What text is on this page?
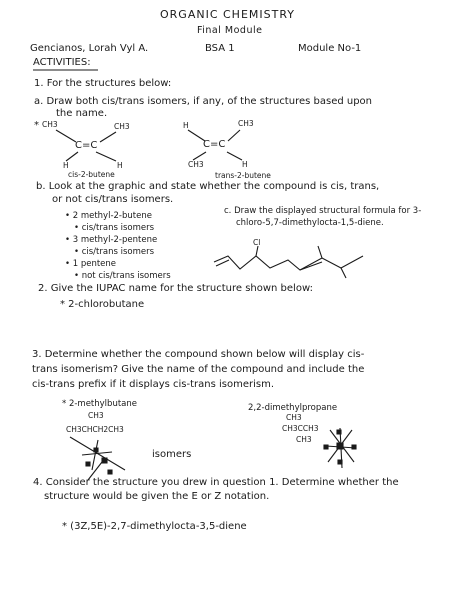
ORGANIC CHEMISTRY
Final Module
Gencianos, Lorah Vyl A.	BSA 1	Module No-1
ACTIVITIES:
1. For the structures below:
a. Draw both cis/trans isomers, if any, of the structures based upon
the name.
* CH3	CH3
C=C
H	H
cis-2-butene
H	CH3
C=C
CH3	H
trans-2-butene
b. Look at the graphic and state whether the compound is cis, trans,
or not cis/trans isomers.
• 2 methyl-2-butene
• cis/trans isomers
• 3 methyl-2-pentene
• cis/trans isomers
• 1 pentene
• not cis/trans isomers
c. Draw the displayed structural formula for 3-
chloro-5,7-dimethylocta-1,5-diene.
Cl
2. Give the IUPAC name for the structure shown below:
* 2-chlorobutane
3. Determine whether the compound shown below will display cis-
trans isomerism? Give the name of the compound and include the
cis-trans prefix if it displays cis-trans isomerism.
* 2-methylbutane
CH3
CH3CHCH2CH3
isomers
2,2-dimethylpropane
CH3
CH3CCH3
CH3
4. Consider the structure you drew in question 1. Determine whether the
structure would be given the E or Z notation.
* (3Z,5E)-2,7-dimethylocta-3,5-diene
